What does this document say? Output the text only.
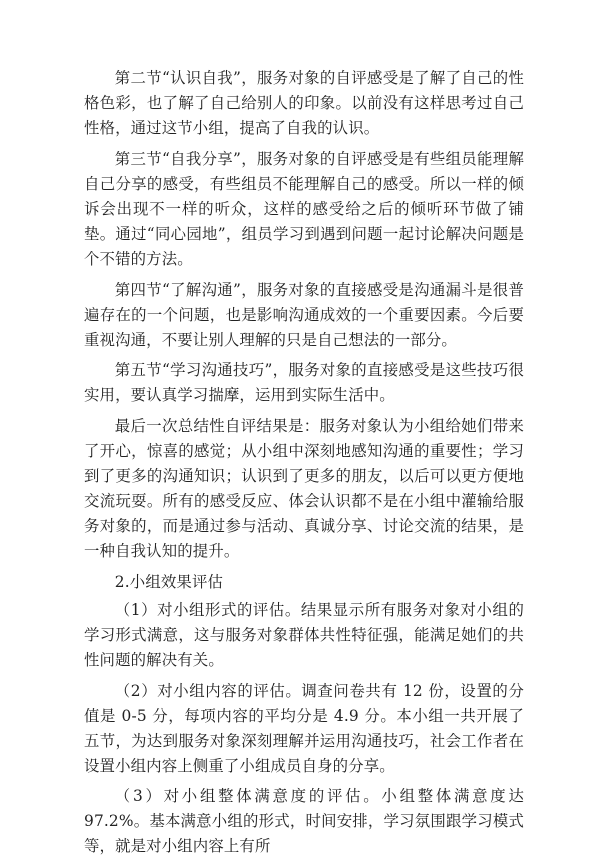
第二节“认识自我”，服务对象的自评感受是了解了自己的性格色彩，也了解了自己给别人的印象。以前没有这样思考过自己性格，通过这节小组，提高了自我的认识。

第三节“自我分享”，服务对象的自评感受是有些组员能理解自己分享的感受，有些组员不能理解自己的感受。所以一样的倾诉会出现不一样的听众，这样的感受给之后的倾听环节做了铺垫。通过“同心园地”，组员学习到遇到问题一起讨论解决问题是个不错的方法。

第四节“了解沟通”，服务对象的直接感受是沟通漏斗是很普遍存在的一个问题，也是影响沟通成效的一个重要因素。今后要重视沟通，不要让别人理解的只是自己想法的一部分。

第五节“学习沟通技巧”，服务对象的直接感受是这些技巧很实用，要认真学习揣摩，运用到实际生活中。

最后一次总结性自评结果是：服务对象认为小组给她们带来了开心，惊喜的感觉；从小组中深刻地感知沟通的重要性；学习到了更多的沟通知识；认识到了更多的朋友，以后可以更方便地交流玩耍。所有的感受反应、体会认识都不是在小组中灌输给服务对象的，而是通过参与活动、真诚分享、讨论交流的结果，是一种自我认知的提升。

2.小组效果评估

（1）对小组形式的评估。结果显示所有服务对象对小组的学习形式满意，这与服务对象群体共性特征强，能满足她们的共性问题的解决有关。

（2）对小组内容的评估。调查问卷共有 12 份，设置的分值是 0-5 分，每项内容的平均分是 4.9 分。本小组一共开展了五节，为达到服务对象深刻理解并运用沟通技巧，社会工作者在设置小组内容上侧重了小组成员自身的分享。

（3）对小组整体满意度的评估。小组整体满意度达 97.2%。基本满意小组的形式，时间安排，学习氛围跟学习模式等，就是对小组内容上有所
